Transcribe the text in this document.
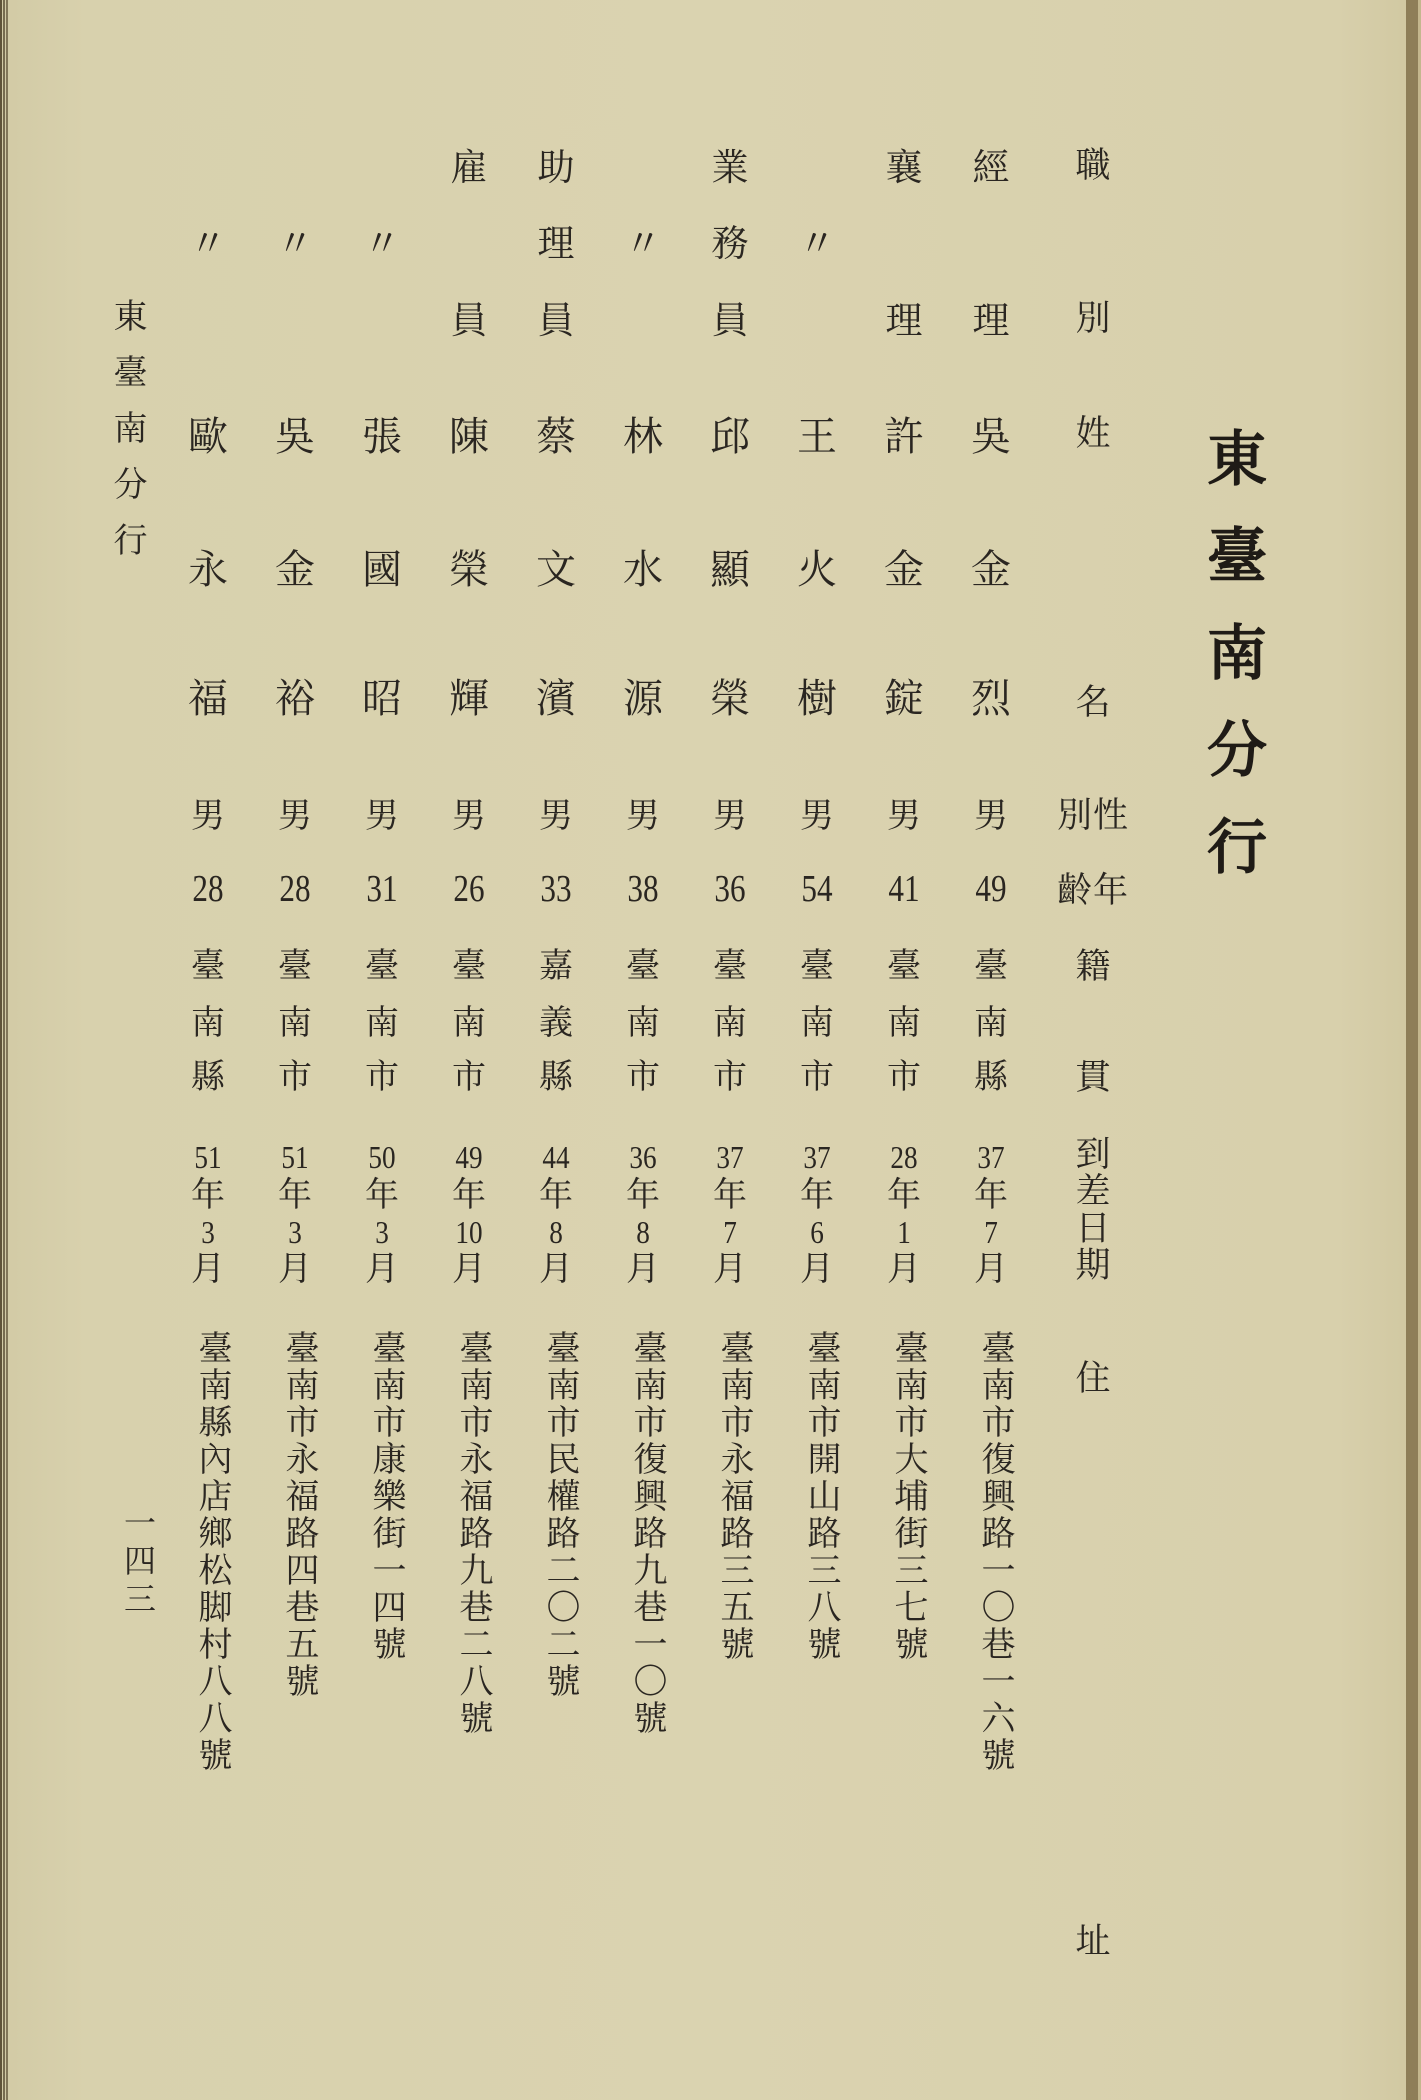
東臺南分行
東臺南分行
一四三
職
別
姓
名
性別
年齡
籍
貫
到
差
日
期
住
址
經
理
吳
金
烈
男
49
臺
南
縣
37
年
7
月
臺南市復興路一〇巷一六號
襄
理
許
金
錠
男
41
臺
南
市
28
年
1
月
臺南市大埔街三七號
〃
王
火
樹
男
54
臺
南
市
37
年
6
月
臺南市開山路三八號
業
務
員
邱
顯
榮
男
36
臺
南
市
37
年
7
月
臺南市永福路三五號
〃
林
水
源
男
38
臺
南
市
36
年
8
月
臺南市復興路九巷一〇號
助
理
員
蔡
文
濱
男
33
嘉
義
縣
44
年
8
月
臺南市民權路二〇二號
雇
員
陳
榮
輝
男
26
臺
南
市
49
年
10
月
臺南市永福路九巷二八號
〃
張
國
昭
男
31
臺
南
市
50
年
3
月
臺南市康樂街一四號
〃
吳
金
裕
男
28
臺
南
市
51
年
3
月
臺南市永福路四巷五號
〃
歐
永
福
男
28
臺
南
縣
51
年
3
月
臺南縣內店鄉松脚村八八號
